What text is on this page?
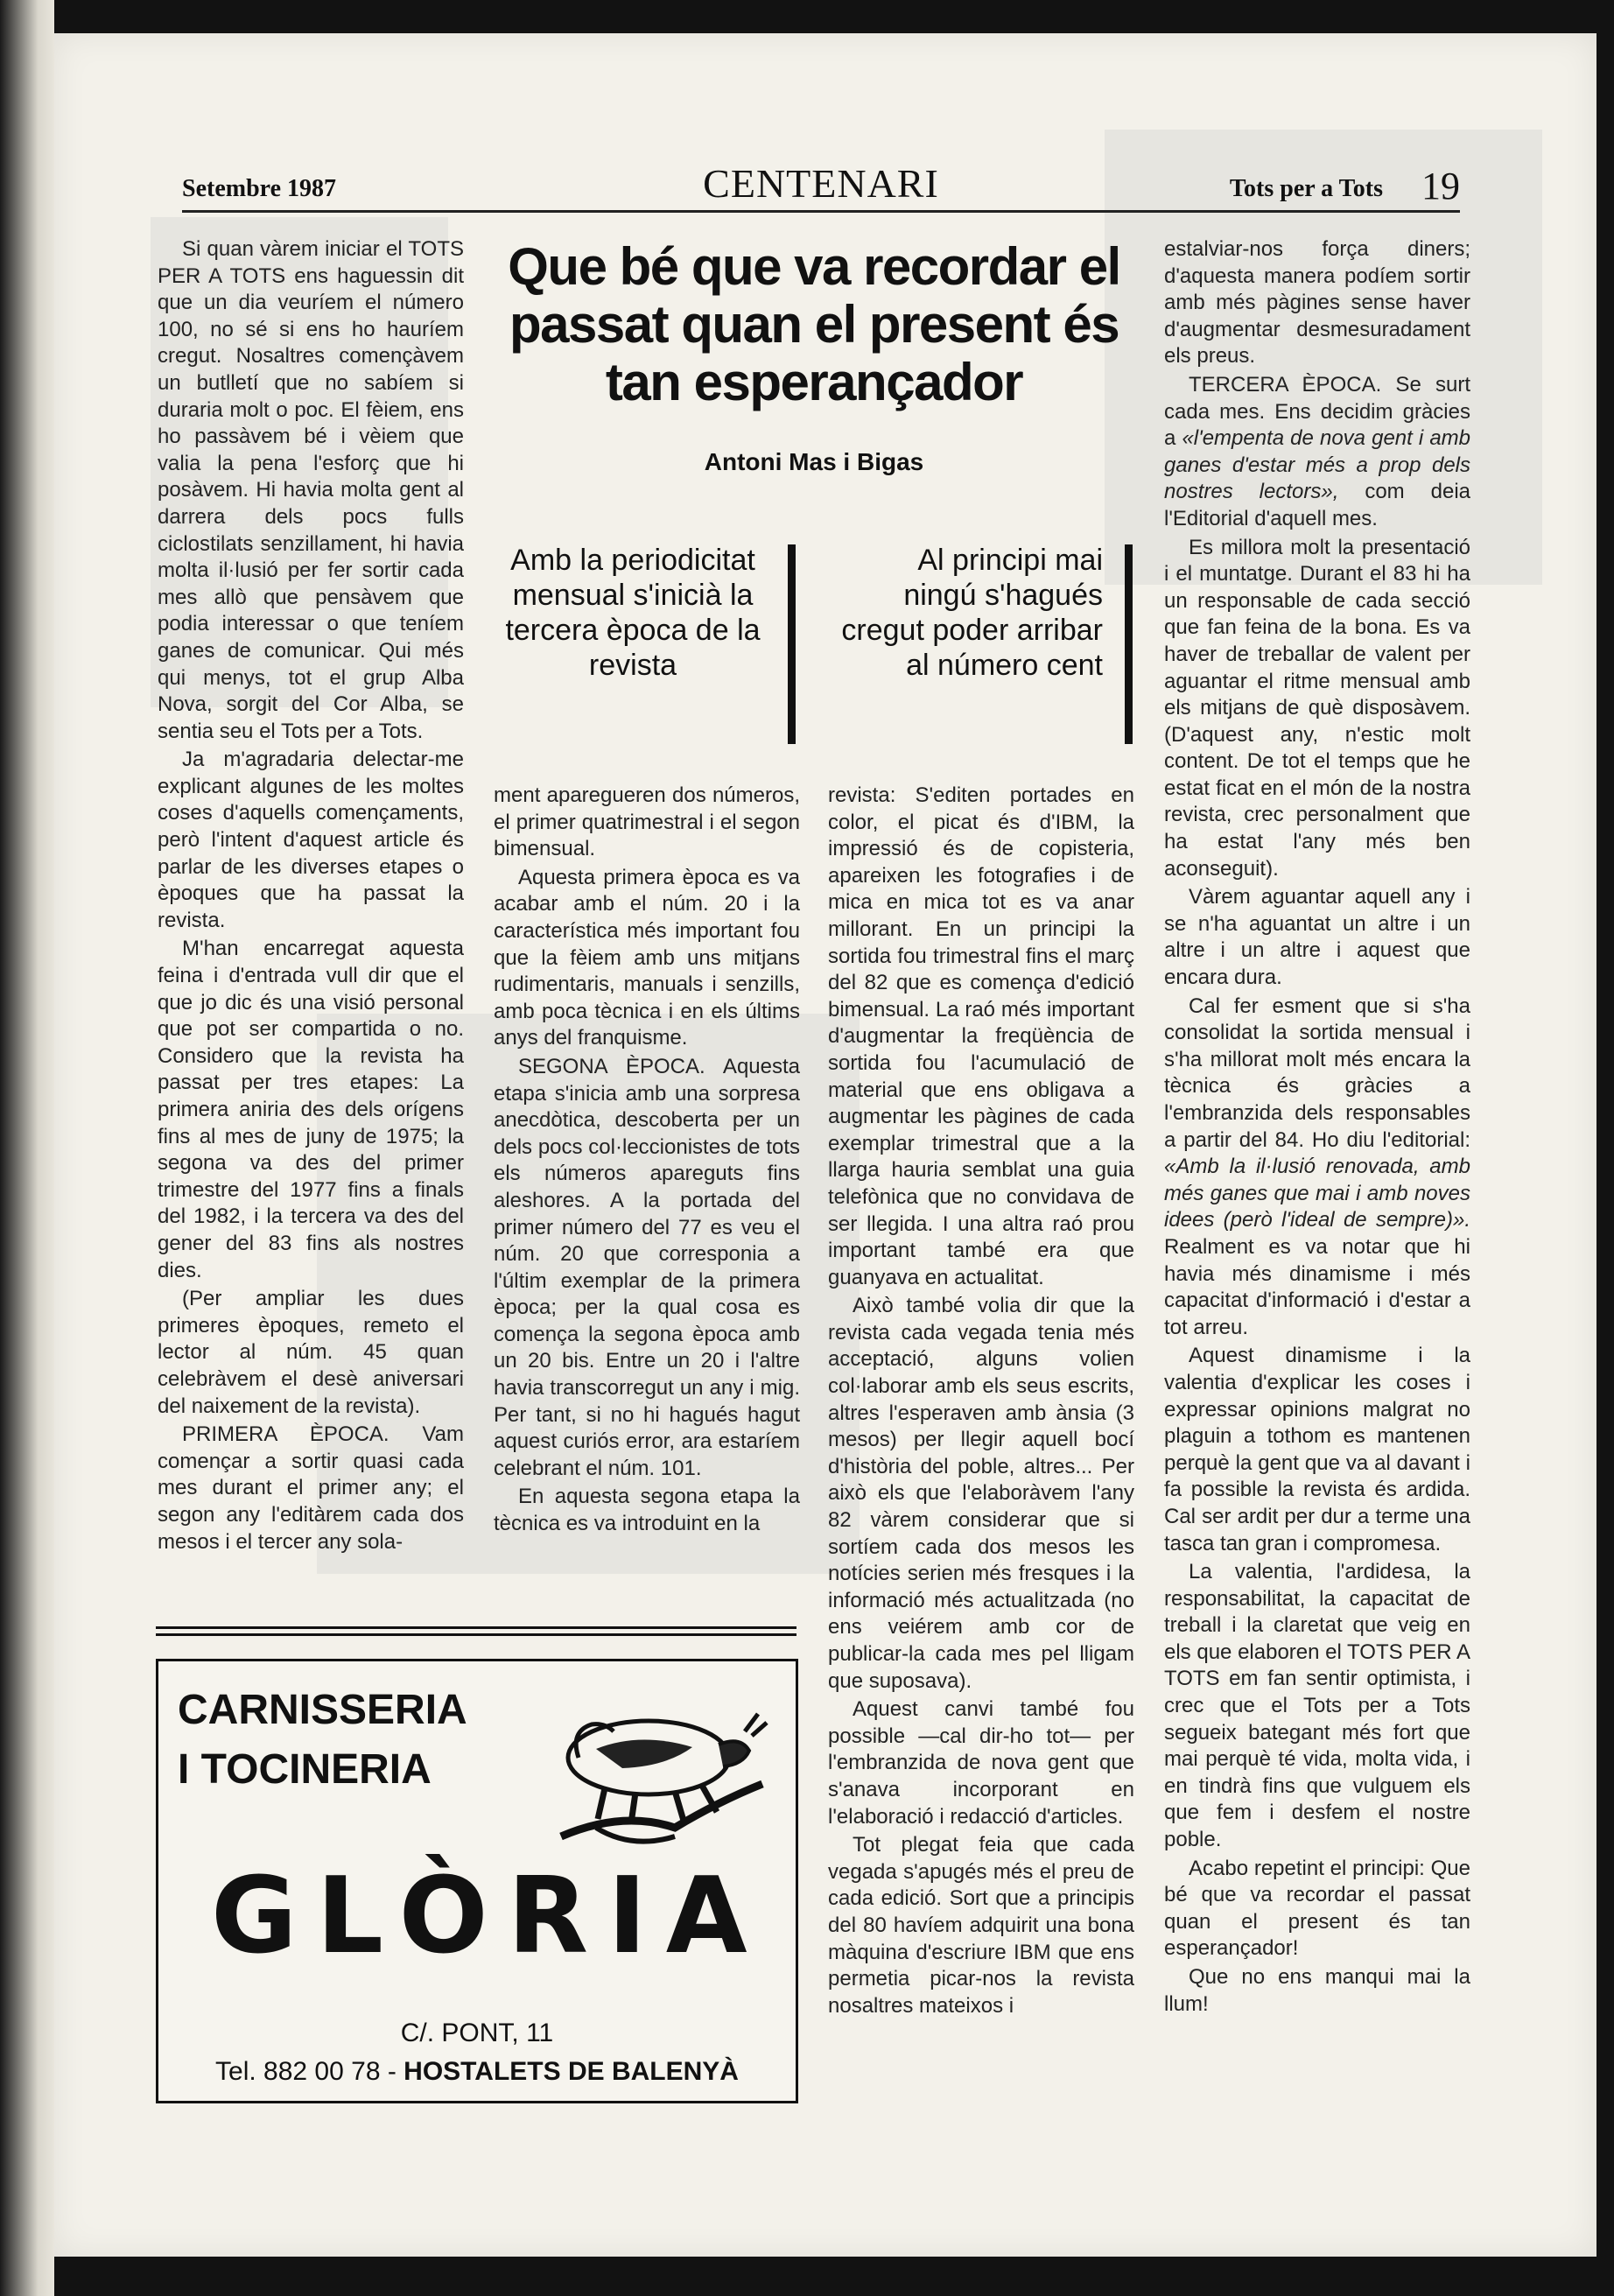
Setembre 1987	CENTENARI	Tots per a Tots 19

Si quan vàrem iniciar el TOTS PER A TOTS ens haguessin dit que un dia veuríem el número 100, no sé si ens ho hauríem cregut. Nosaltres començàvem un butlletí que no sabíem si duraria molt o poc. El fèiem, ens ho passàvem bé i vèiem que valia la pena l'esforç que hi posàvem. Hi havia molta gent al darrera dels pocs fulls ciclostilats senzillament, hi havia molta il·lusió per fer sortir cada mes allò que pensàvem que podia interessar o que teníem ganes de comunicar. Qui més qui menys, tot el grup Alba Nova, sorgit del Cor Alba, se sentia seu el Tots per a Tots.

Ja m'agradaria delectar-me explicant algunes de les moltes coses d'aquells començaments, però l'intent d'aquest article és parlar de les diverses etapes o èpoques que ha passat la revista.

M'han encarregat aquesta feina i d'entrada vull dir que el que jo dic és una visió personal que pot ser compartida o no. Considero que la revista ha passat per tres etapes: La primera aniria des dels orígens fins al mes de juny de 1975; la segona va des del primer trimestre del 1977 fins a finals del 1982, i la tercera va des del gener del 83 fins als nostres dies.

(Per ampliar les dues primeres èpoques, remeto el lector al núm. 45 quan celebràvem el desè aniversari del naixement de la revista).

PRIMERA ÈPOCA. Vam començar a sortir quasi cada mes durant el primer any; el segon any l'editàrem cada dos mesos i el tercer any sola-

Que bé que va recordar el passat quan el present és tan esperançador
Antoni Mas i Bigas
Amb la periodicitat mensual s'inicià la tercera època de la revista
Al principi mai ningú s'hagués cregut poder arribar al número cent

ment aparegueren dos números, el primer quatrimestral i el segon bimensual.

Aquesta primera època es va acabar amb el núm. 20 i la característica més important fou que la fèiem amb uns mitjans rudimentaris, manuals i senzills, amb poca tècnica i en els últims anys del franquisme.

SEGONA ÈPOCA. Aquesta etapa s'inicia amb una sorpresa anecdòtica, descoberta per un dels pocs col·leccionistes de tots els números apareguts fins aleshores. A la portada del primer número del 77 es veu el núm. 20 que corresponia a l'últim exemplar de la primera època; per la qual cosa es comença la segona època amb un 20 bis. Entre un 20 i l'altre havia transcorregut un any i mig. Per tant, si no hi hagués hagut aquest curiós error, ara estaríem celebrant el núm. 101.

En aquesta segona etapa la tècnica es va introduint en la

revista: S'editen portades en color, el picat és d'IBM, la impressió és de copisteria, apareixen les fotografies i de mica en mica tot es va anar millorant. En un principi la sortida fou trimestral fins el març del 82 que es comença d'edició bimensual. La raó més important d'augmentar la freqüència de sortida fou l'acumulació de material que ens obligava a augmentar les pàgines de cada exemplar trimestral que a la llarga hauria semblat una guia telefònica que no convidava de ser llegida. I una altra raó prou important també era que guanyava en actualitat.

Això també volia dir que la revista cada vegada tenia més acceptació, alguns volien col·laborar amb els seus escrits, altres l'esperaven amb ànsia (3 mesos) per llegir aquell bocí d'història del poble, altres... Per això els que l'elaboràvem l'any 82 vàrem considerar que si sortíem cada dos mesos les notícies serien més fresques i la informació més actualitzada (no ens veiérem amb cor de publicar-la cada mes pel lligam que suposava).

Aquest canvi també fou possible —cal dir-ho tot— per l'embranzida de nova gent que s'anava incorporant en l'elaboració i redacció d'articles.

Tot plegat feia que cada vegada s'apugés més el preu de cada edició. Sort que a principis del 80 havíem adquirit una bona màquina d'escriure IBM que ens permetia picar-nos la revista nosaltres mateixos i

estalviar-nos força diners; d'aquesta manera podíem sortir amb més pàgines sense haver d'augmentar desmesuradament els preus.

TERCERA ÈPOCA. Se surt cada mes. Ens decidim gràcies a «l'empenta de nova gent i amb ganes d'estar més a prop dels nostres lectors», com deia l'Editorial d'aquell mes.

Es millora molt la presentació i el muntatge. Durant el 83 hi ha un responsable de cada secció que fan feina de la bona. Es va haver de treballar de valent per aguantar el ritme mensual amb els mitjans de què disposàvem. (D'aquest any, n'estic molt content. De tot el temps que he estat ficat en el món de la nostra revista, crec personalment que ha estat l'any més ben aconseguit).

Vàrem aguantar aquell any i se n'ha aguantat un altre i un altre i un altre i aquest que encara dura.

Cal fer esment que si s'ha consolidat la sortida mensual i s'ha millorat molt més encara la tècnica és gràcies a l'embranzida dels responsables a partir del 84. Ho diu l'editorial: «Amb la il·lusió renovada, amb més ganes que mai i amb noves idees (però l'ideal de sempre)». Realment es va notar que hi havia més dinamisme i més capacitat d'informació i d'estar a tot arreu.

Aquest dinamisme i la valentia d'explicar les coses i expressar opinions malgrat no plaguin a tothom es mantenen perquè la gent que va al davant i fa possible la revista és ardida. Cal ser ardit per dur a terme una tasca tan gran i compromesa.

La valentia, l'ardidesa, la responsabilitat, la capacitat de treball i la claretat que veig en els que elaboren el TOTS PER A TOTS em fan sentir optimista, i crec que el Tots per a Tots segueix bategant més fort que mai perquè té vida, molta vida, i en tindrà fins que vulguem els que fem i desfem el nostre poble.

Acabo repetint el principi: Que bé que va recordar el passat quan el present és tan esperançador!

Que no ens manqui mai la llum!

CARNISSERIA
I TOCINERIA
GLÒRIA
C/. PONT, 11
Tel. 882 00 78 - HOSTALETS DE BALENYÀ
